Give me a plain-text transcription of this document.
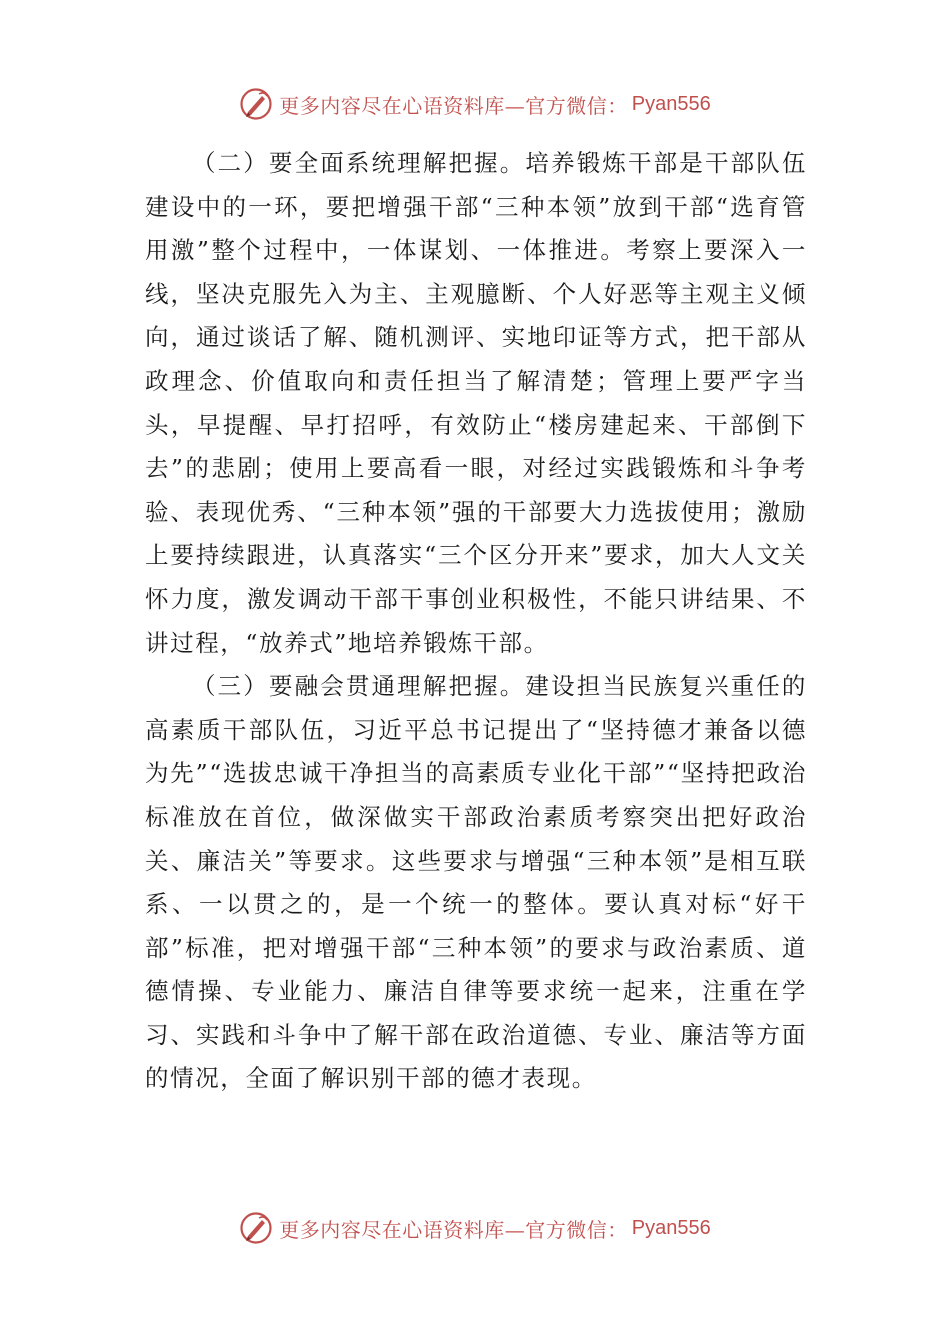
更多内容尽在心语资料库—官方微信： Pyan556

（二）要全面系统理解把握。培养锻炼干部是干部队伍建设中的一环，要把增强干部“三种本领”放到干部“选育管用激”整个过程中，一体谋划、一体推进。考察上要深入一线，坚决克服先入为主、主观臆断、个人好恶等主观主义倾向，通过谈话了解、随机测评、实地印证等方式，把干部从政理念、价值取向和责任担当了解清楚；管理上要严字当头，早提醒、早打招呼，有效防止“楼房建起来、干部倒下去”的悲剧；使用上要高看一眼，对经过实践锻炼和斗争考验、表现优秀、“三种本领”强的干部要大力选拔使用；激励上要持续跟进，认真落实“三个区分开来”要求，加大人文关怀力度，激发调动干部干事创业积极性，不能只讲结果、不讲过程，“放养式”地培养锻炼干部。

（三）要融会贯通理解把握。建设担当民族复兴重任的高素质干部队伍，习近平总书记提出了“坚持德才兼备以德为先”“选拔忠诚干净担当的高素质专业化干部”“坚持把政治标准放在首位，做深做实干部政治素质考察突出把好政治关、廉洁关”等要求。这些要求与增强“三种本领”是相互联系、一以贯之的，是一个统一的整体。要认真对标“好干部”标准，把对增强干部“三种本领”的要求与政治素质、道德情操、专业能力、廉洁自律等要求统一起来，注重在学习、实践和斗争中了解干部在政治道德、专业、廉洁等方面的情况，全面了解识别干部的德才表现。

更多内容尽在心语资料库—官方微信： Pyan556
